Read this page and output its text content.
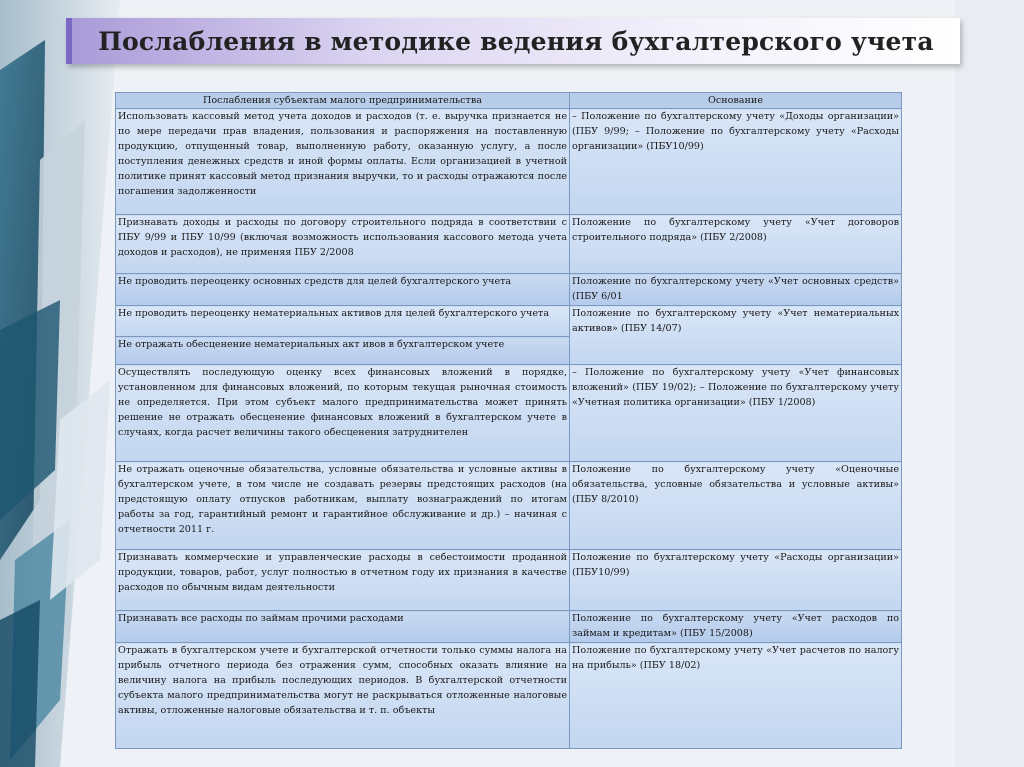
Послабления в методике ведения бухгалтерского учета
Послабления субъектам малого предпринимательства	Основание
Использовать кассовый метод учета доходов и расходов (т. е. выручка признается не по мере передачи прав владения, пользования и распоряжения на поставленную продукцию, отпущенный товар, выполненную работу, оказанную услугу, а после поступления денежных средств и иной формы оплаты. Если организацией в учетной политике принят кассовый метод признания выручки, то и расходы отражаются после погашения задолженности	– Положение по бухгалтерскому учету «Доходы организации» (ПБУ 9/99; – Положение по бухгалтерскому учету «Расходы организации» (ПБУ10/99)
Признавать доходы и расходы по договору строительного подряда в соответствии с ПБУ 9/99 и ПБУ 10/99 (включая возможность использования кассового метода учета доходов и расходов), не применяя ПБУ 2/2008	Положение по бухгалтерскому учету «Учет договоров строительного подряда» (ПБУ 2/2008)
Не проводить переоценку основных средств для целей бухгалтерского учета	Положение по бухгалтерскому учету «Учет основных средств» (ПБУ 6/01
Не проводить переоценку нематериальных активов для целей бухгалтерского учета	Положение по бухгалтерскому учету «Учет нематериальных активов» (ПБУ 14/07)
Не отражать обесценение нематериальных акт ивов в бухгалтерском учете	
Осуществлять последующую оценку всех финансовых вложений в порядке, установленном для финансовых вложений, по которым текущая рыночная стоимость не определяется. При этом субъект малого предпринимательства может принять решение не отражать обесценение финансовых вложений в бухгалтерском учете в случаях, когда расчет величины такого обесценения затруднителен	– Положение по бухгалтерскому учету «Учет финансовых вложений» (ПБУ 19/02); – Положение по бухгалтерскому учету «Учетная политика организации» (ПБУ 1/2008)
Не отражать оценочные обязательства, условные обязательства и условные активы в бухгалтерском учете, в том числе не создавать резервы предстоящих расходов (на предстоящую оплату отпусков работникам, выплату вознаграждений по итогам работы за год, гарантийный ремонт и гарантийное обслуживание и др.) – начиная с отчетности 2011 г.	Положение по бухгалтерскому учету «Оценочные обязательства, условные обязательства и условные активы» (ПБУ 8/2010)
Признавать коммерческие и управленческие расходы в себестоимости проданной продукции, товаров, работ, услуг полностью в отчетном году их признания в качестве расходов по обычным видам деятельности	Положение по бухгалтерскому учету «Расходы организации» (ПБУ10/99)
Признавать все расходы по займам прочими расходами	Положение по бухгалтерскому учету «Учет расходов по займам и кредитам» (ПБУ 15/2008)
Отражать в бухгалтерском учете и бухгалтерской отчетности только суммы налога на прибыль отчетного периода без отражения сумм, способных оказать влияние на величину налога на прибыль последующих периодов. В бухгалтерской отчетности субъекта малого предпринимательства могут не раскрываться отложенные налоговые активы, отложенные налоговые обязательства и т. п. объекты	Положение по бухгалтерскому учету «Учет расчетов по налогу на прибыль» (ПБУ 18/02)
